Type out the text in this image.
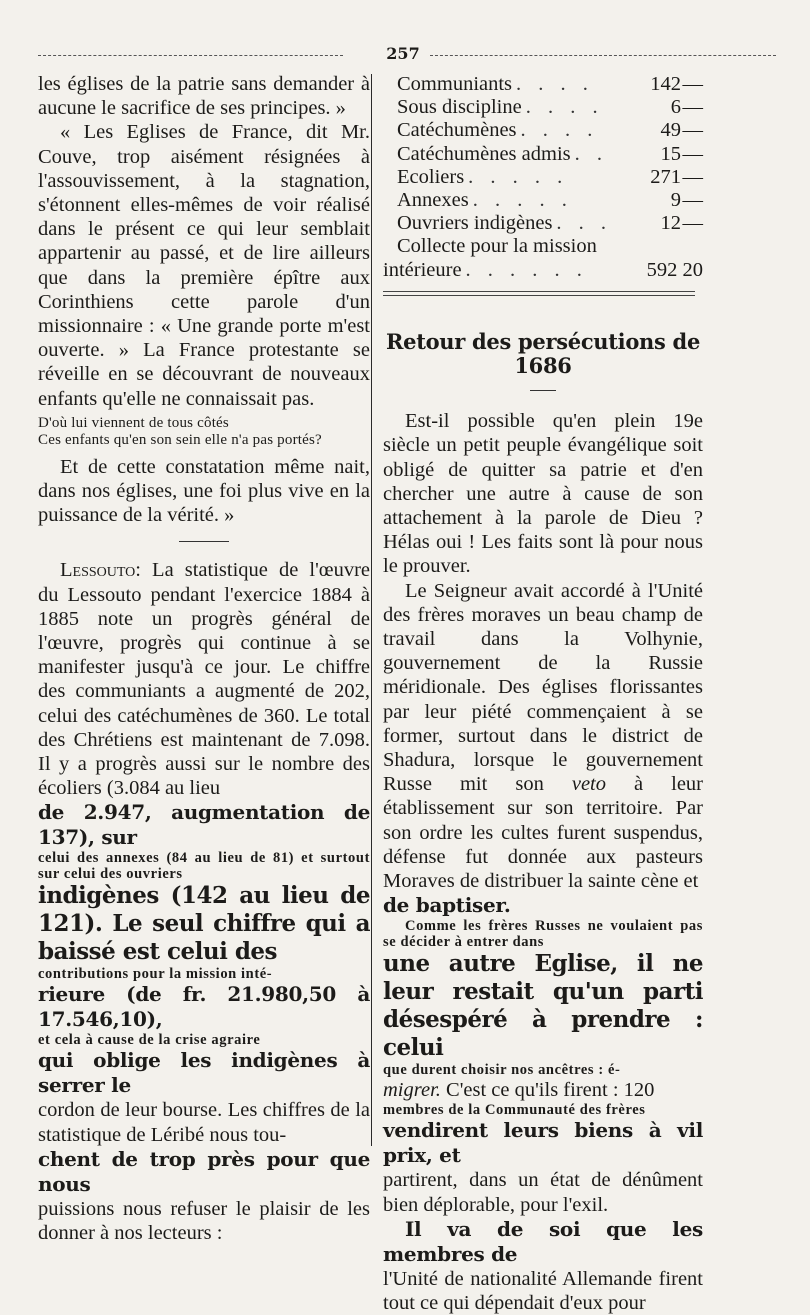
257

les églises de la patrie sans demander à aucune le sacrifice de ses principes. »

« Les Eglises de France, dit Mr. Couve, trop aisément résignées à l'assouvissement, à la stagnation, s'étonnent elles-mêmes de voir réalisé dans le présent ce qui leur semblait appartenir au passé, et de lire ailleurs que dans la première épître aux Corinthiens cette parole d'un missionnaire : « Une grande porte m'est ouverte. » La France protestante se réveille en se découvrant de nouveaux enfants qu'elle ne connaissait pas.

D'où lui viennent de tous côtés

Ces enfants qu'en son sein elle n'a pas portés?

Et de cette constatation même nait, dans nos églises, une foi plus vive en la puissance de la vérité. »

Lessouto: La statistique de l'œuvre du Lessouto pendant l'exercice 1884 à 1885 note un progrès général de l'œuvre, progrès qui continue à se manifester jusqu'à ce jour. Le chiffre des communiants a augmenté de 202, celui des catéchumènes de 360. Le total des Chrétiens est maintenant de 7.098. Il y a progrès aussi sur le nombre des écoliers (3.084 au lieu

de 2.947, augmentation de 137), sur

celui des annexes (84 au lieu de 81) et surtout sur celui des ouvriers

indigènes (142 au lieu de 121). Le seul chiffre qui a baissé est celui des

contributions pour la mission inté-

rieure (de fr. 21.980,50 à 17.546,10),

et cela à cause de la crise agraire

qui oblige les indigènes à serrer le

cordon de leur bourse. Les chiffres de la statistique de Léribé nous tou-

chent de trop près pour que nous

puissions nous refuser le plaisir de les donner à nos lecteurs :

Communiants . . . .	142 —
Sous discipline . . . .	6 —
Catéchumènes . . . .	49 —
Catéchumènes admis . .	15 —
Ecoliers . . . . .	271 —
Annexes . . . . .	9 —
Ouvriers indigènes . . .	12 —
Collecte pour la mission
intérieure . . . . . .	592 20
Retour des persécutions de 1686

Est-il possible qu'en plein 19e siècle un petit peuple évangélique soit obligé de quitter sa patrie et d'en chercher une autre à cause de son attachement à la parole de Dieu ? Hélas oui ! Les faits sont là pour nous le prouver.

Le Seigneur avait accordé à l'Unité des frères moraves un beau champ de travail dans la Volhynie, gouvernement de la Russie méridionale. Des églises florissantes par leur piété commençaient à se former, surtout dans le district de Shadura, lorsque le gouvernement Russe mit son veto à leur établissement sur son territoire. Par son ordre les cultes furent suspendus, défense fut donnée aux pasteurs Moraves de distribuer la sainte cène et

de baptiser.

Comme les frères Russes ne voulaient pas se décider à entrer dans

une autre Eglise, il ne leur restait qu'un parti désespéré à prendre : celui

que durent choisir nos ancêtres : é-

migrer. C'est ce qu'ils firent : 120

membres de la Communauté des frères

vendirent leurs biens à vil prix, et

partirent, dans un état de dénûment bien déplorable, pour l'exil.

Il va de soi que les membres de

l'Unité de nationalité Allemande firent tout ce qui dépendait d'eux pour
